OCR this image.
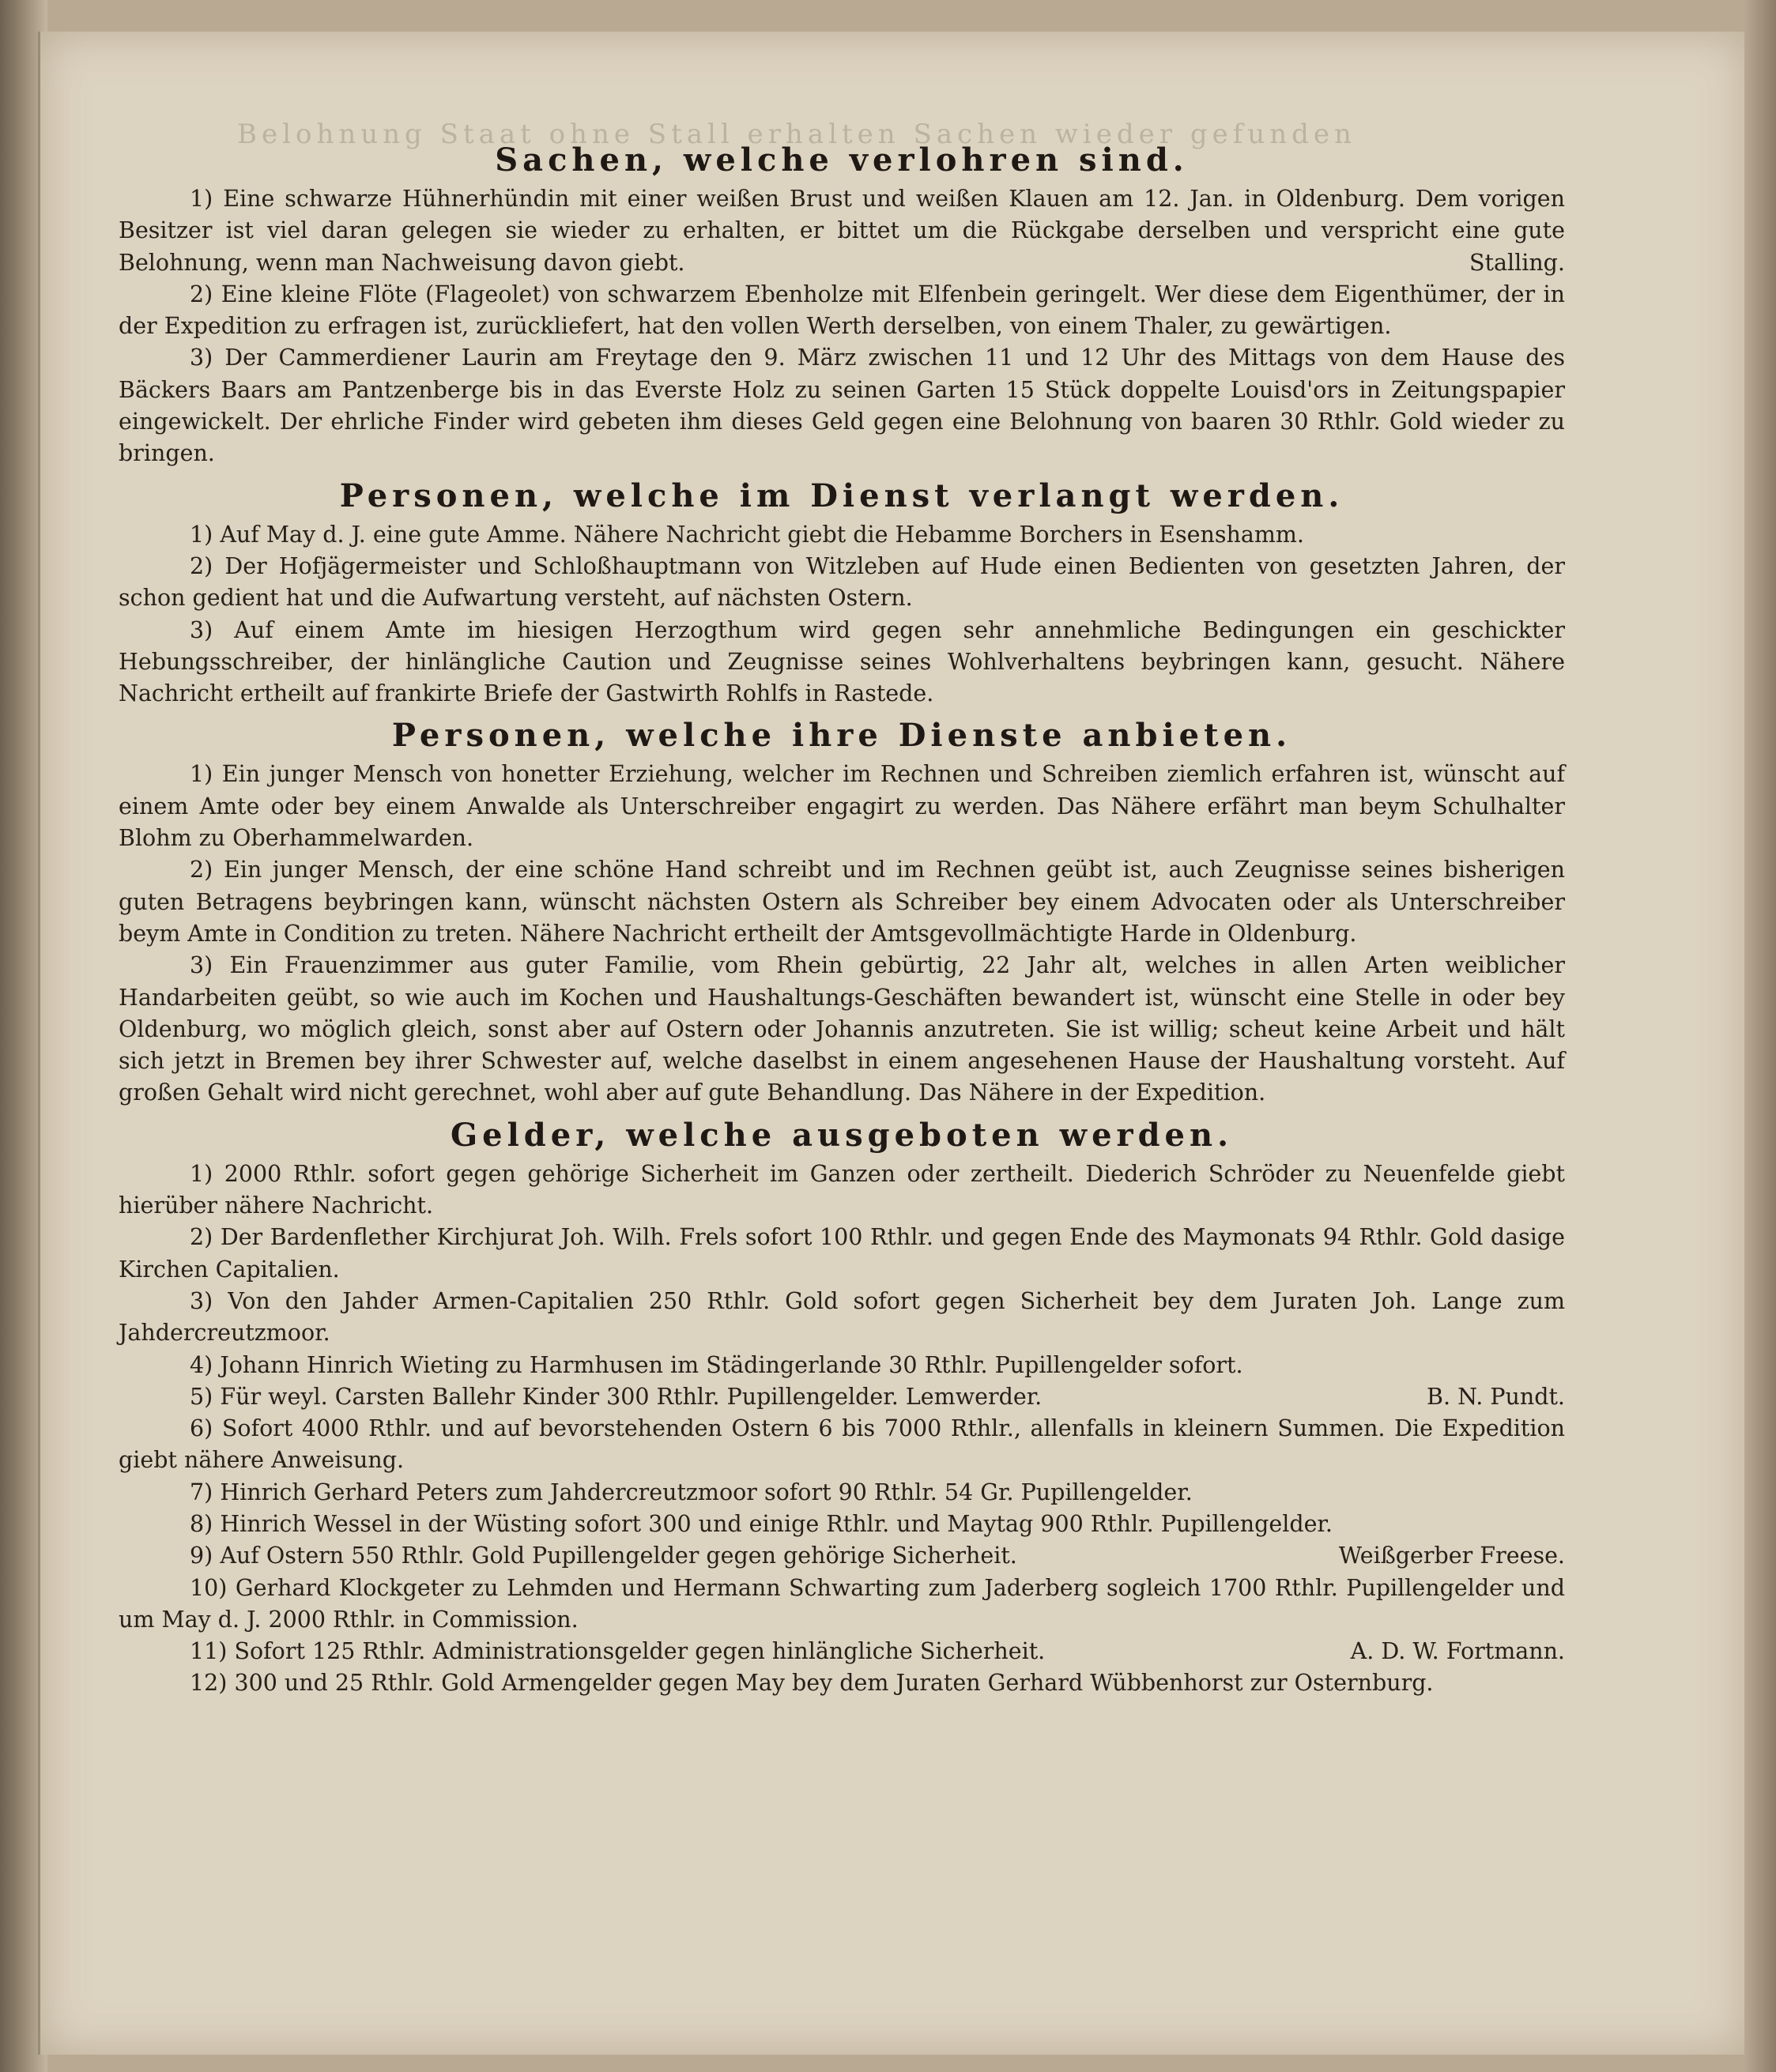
Belohnung Staat ohne Stall erhalten Sachen wieder gefunden
Sachen, welche verlohren sind.

1) Eine schwarze Hühnerhündin mit einer weißen Brust und weißen Klauen am 12. Jan. in Oldenburg. Dem vorigen Besitzer ist viel daran gelegen sie wieder zu erhalten, er bittet um die Rückgabe derselben und verspricht eine gute Belohnung, wenn man Nachweisung davon giebt.	Stalling.

2) Eine kleine Flöte (Flageolet) von schwarzem Ebenholze mit Elfenbein geringelt. Wer diese dem Eigenthümer, der in der Expedition zu erfragen ist, zurückliefert, hat den vollen Werth derselben, von einem Thaler, zu gewärtigen.

3) Der Cammerdiener Laurin am Freytage den 9. März zwischen 11 und 12 Uhr des Mittags von dem Hause des Bäckers Baars am Pantzenberge bis in das Everste Holz zu seinen Garten 15 Stück doppelte Louisd'ors in Zeitungspapier eingewickelt. Der ehrliche Finder wird gebeten ihm dieses Geld gegen eine Belohnung von baaren 30 Rthlr. Gold wieder zu bringen.

Personen, welche im Dienst verlangt werden.

1) Auf May d. J. eine gute Amme. Nähere Nachricht giebt die Hebamme Borchers in Esenshamm.

2) Der Hofjägermeister und Schloßhauptmann von Witzleben auf Hude einen Bedienten von gesetzten Jahren, der schon gedient hat und die Aufwartung versteht, auf nächsten Ostern.

3) Auf einem Amte im hiesigen Herzogthum wird gegen sehr annehmliche Bedingungen ein geschickter Hebungsschreiber, der hinlängliche Caution und Zeugnisse seines Wohlverhaltens beybringen kann, gesucht. Nähere Nachricht ertheilt auf frankirte Briefe der Gastwirth Rohlfs in Rastede.

Personen, welche ihre Dienste anbieten.

1) Ein junger Mensch von honetter Erziehung, welcher im Rechnen und Schreiben ziemlich erfahren ist, wünscht auf einem Amte oder bey einem Anwalde als Unterschreiber engagirt zu werden. Das Nähere erfährt man beym Schulhalter Blohm zu Oberhammelwarden.

2) Ein junger Mensch, der eine schöne Hand schreibt und im Rechnen geübt ist, auch Zeugnisse seines bisherigen guten Betragens beybringen kann, wünscht nächsten Ostern als Schreiber bey einem Advocaten oder als Unterschreiber beym Amte in Condition zu treten. Nähere Nachricht ertheilt der Amtsgevollmächtigte Harde in Oldenburg.

3) Ein Frauenzimmer aus guter Familie, vom Rhein gebürtig, 22 Jahr alt, welches in allen Arten weiblicher Handarbeiten geübt, so wie auch im Kochen und Haushaltungs-Geschäften bewandert ist, wünscht eine Stelle in oder bey Oldenburg, wo möglich gleich, sonst aber auf Ostern oder Johannis anzutreten. Sie ist willig; scheut keine Arbeit und hält sich jetzt in Bremen bey ihrer Schwester auf, welche daselbst in einem angesehenen Hause der Haushaltung vorsteht. Auf großen Gehalt wird nicht gerechnet, wohl aber auf gute Behandlung. Das Nähere in der Expedition.

Gelder, welche ausgeboten werden.

1) 2000 Rthlr. sofort gegen gehörige Sicherheit im Ganzen oder zertheilt. Diederich Schröder zu Neuenfelde giebt hierüber nähere Nachricht.

2) Der Bardenflether Kirchjurat Joh. Wilh. Frels sofort 100 Rthlr. und gegen Ende des Maymonats 94 Rthlr. Gold dasige Kirchen Capitalien.

3) Von den Jahder Armen-Capitalien 250 Rthlr. Gold sofort gegen Sicherheit bey dem Juraten Joh. Lange zum Jahdercreutzmoor.

4) Johann Hinrich Wieting zu Harmhusen im Städingerlande 30 Rthlr. Pupillengelder sofort.

5) Für weyl. Carsten Ballehr Kinder 300 Rthlr. Pupillengelder. Lemwerder.	B. N. Pundt.

6) Sofort 4000 Rthlr. und auf bevorstehenden Ostern 6 bis 7000 Rthlr., allenfalls in kleinern Summen. Die Expedition giebt nähere Anweisung.

7) Hinrich Gerhard Peters zum Jahdercreutzmoor sofort 90 Rthlr. 54 Gr. Pupillengelder.

8) Hinrich Wessel in der Wüsting sofort 300 und einige Rthlr. und Maytag 900 Rthlr. Pupillengelder.

9) Auf Ostern 550 Rthlr. Gold Pupillengelder gegen gehörige Sicherheit.	Weißgerber Freese.

10) Gerhard Klockgeter zu Lehmden und Hermann Schwarting zum Jaderberg sogleich 1700 Rthlr. Pupillengelder und um May d. J. 2000 Rthlr. in Commission.

11) Sofort 125 Rthlr. Administrationsgelder gegen hinlängliche Sicherheit.	A. D. W. Fortmann.

12) 300 und 25 Rthlr. Gold Armengelder gegen May bey dem Juraten Gerhard Wübbenhorst zur Osternburg.
